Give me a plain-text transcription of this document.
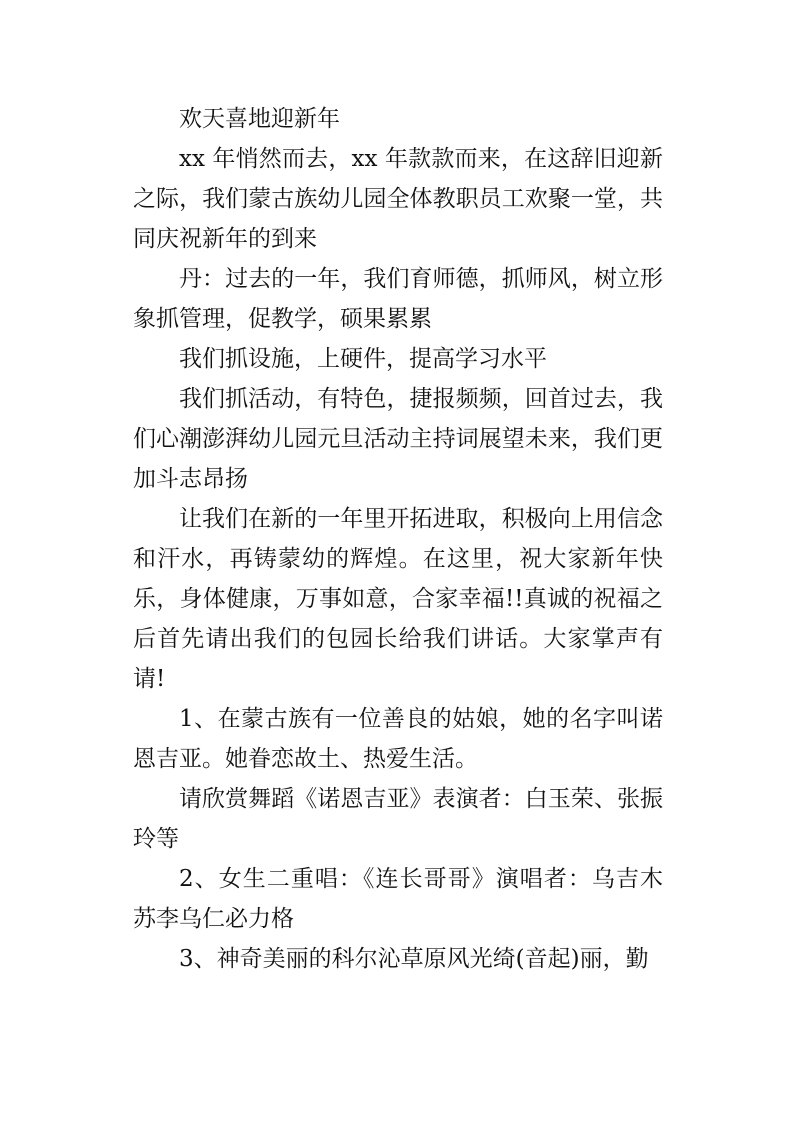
欢天喜地迎新年

xx 年悄然而去，xx 年款款而来，在这辞旧迎新之际，我们蒙古族幼儿园全体教职员工欢聚一堂，共同庆祝新年的到来

丹：过去的一年，我们育师德，抓师风，树立形象抓管理，促教学，硕果累累

我们抓设施，上硬件，提高学习水平

我们抓活动，有特色，捷报频频，回首过去，我们心潮澎湃幼儿园元旦活动主持词展望未来，我们更加斗志昂扬

让我们在新的一年里开拓进取，积极向上用信念和汗水，再铸蒙幼的辉煌。在这里，祝大家新年快乐，身体健康，万事如意，合家幸福!!真诚的祝福之后首先请出我们的包园长给我们讲话。大家掌声有请!

1、在蒙古族有一位善良的姑娘，她的名字叫诺恩吉亚。她眷恋故土、热爱生活。

请欣赏舞蹈《诺恩吉亚》表演者：白玉荣、张振玲等

2、女生二重唱：《连长哥哥》演唱者：乌吉木苏李乌仁必力格

3、神奇美丽的科尔沁草原风光绮(音起)丽，勤
